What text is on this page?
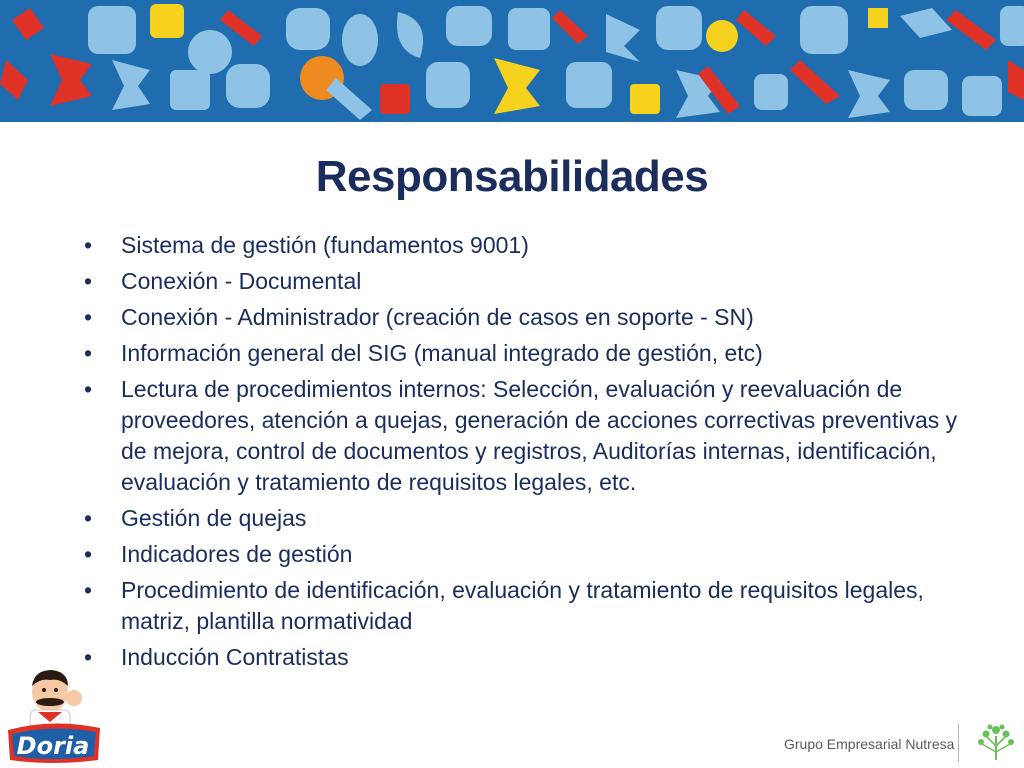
Responsabilidades
• Sistema de gestión (fundamentos 9001)
• Conexión - Documental
• Conexión - Administrador (creación de casos en soporte - SN)
• Información general del SIG (manual integrado de gestión, etc)
• Lectura de procedimientos internos: Selección, evaluación y reevaluación de proveedores, atención a quejas, generación de acciones correctivas preventivas y de mejora, control de documentos y registros, Auditorías internas, identificación, evaluación y tratamiento de requisitos legales, etc.
• Gestión de quejas
• Indicadores de gestión
• Procedimiento de identificación, evaluación y tratamiento de requisitos legales, matriz, plantilla normatividad
• Inducción Contratistas
Doria	Grupo Empresarial Nutresa
